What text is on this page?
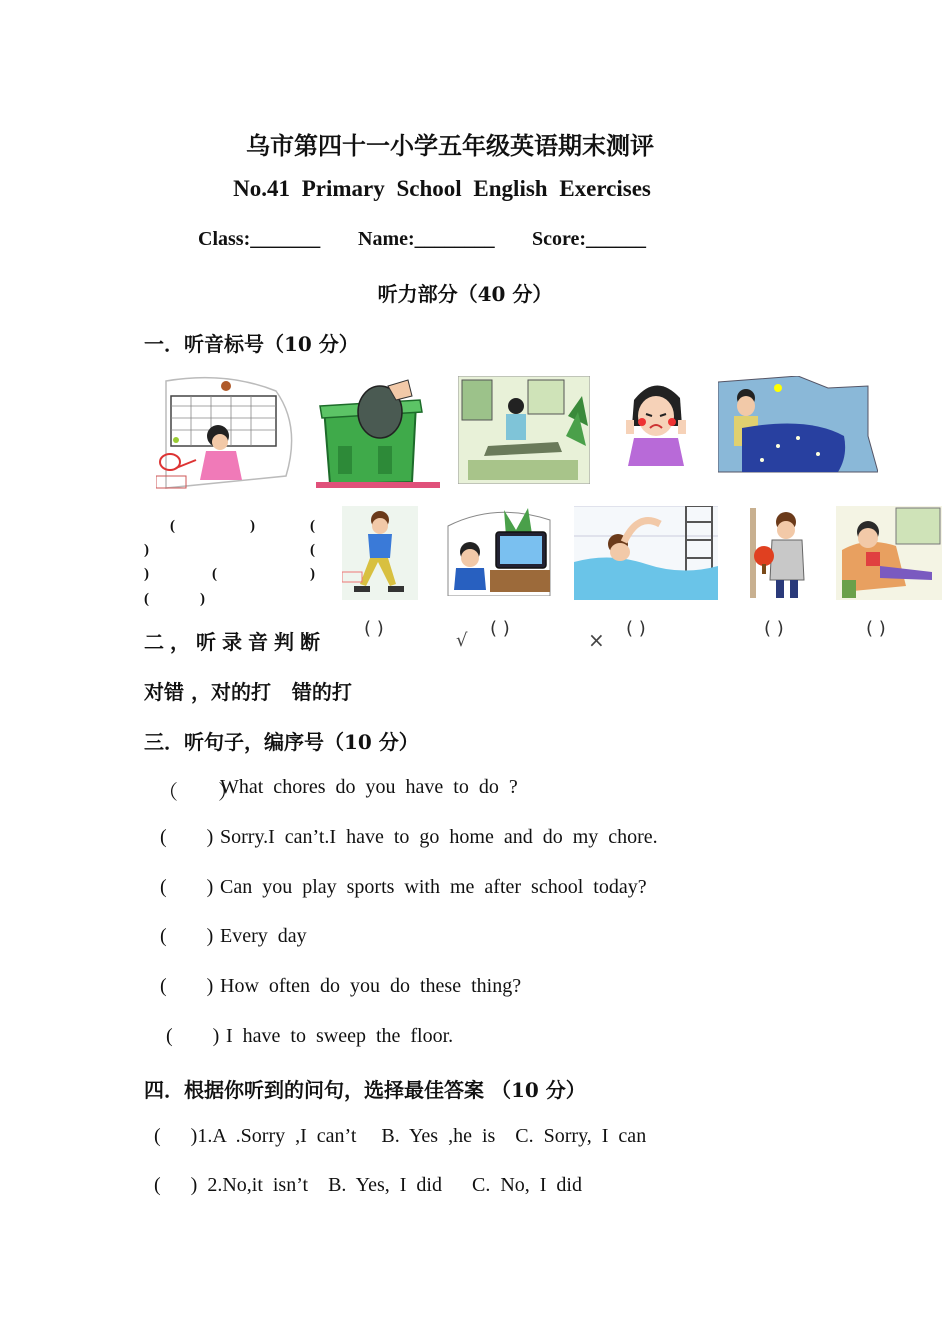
乌市第四十一小学五年级英语期末测评
No.41 Primary School English Exercises
Class:_______ Name:________ Score:______
听力部分（40 分）
一．听音标号（10 分）
(	)	(
)	(
)	(	)
(	)
二，听录音判断
( )	( )	( )	( )	( )
√	×
对错 ，对的打   错的打
三．听句子，编序号（10 分）
（    ）
What chores do you have to do ?
(    ) Sorry.I can’t.I have to go home and do my chore.
(    ) Can you play sports with me after school today?
(    ) Every day
(    ) How often do you do these thing?
(    ) I have to sweep the floor.
四．根据你听到的问句，选择最佳答案 （10 分）
(      )1.A  .Sorry  ,I  can’t     B.  Yes  ,he  is    C.  Sorry,  I  can
(      )  2.No,it  isn’t    B.  Yes,  I  did      C.  No,  I  did
